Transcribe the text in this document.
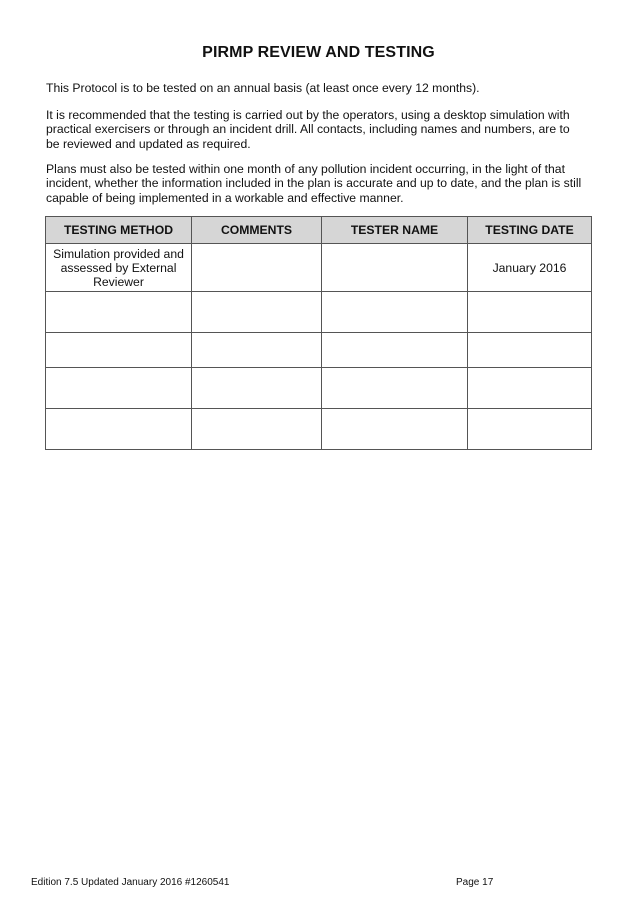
PIRMP REVIEW AND TESTING

This Protocol is to be tested on an annual basis (at least once every 12 months).

It is recommended that the testing is carried out by the operators, using a desktop simulation with practical exercisers or through an incident drill. All contacts, including names and numbers, are to be reviewed and updated as required.

Plans must also be tested within one month of any pollution incident occurring, in the light of that incident, whether the information included in the plan is accurate and up to date, and the plan is still capable of being implemented in a workable and effective manner.

TESTING METHOD	COMMENTS	TESTER NAME	TESTING DATE
Simulation provided and assessed by External Reviewer			January 2016

Edition 7.5 Updated January 2016 #1260541	Page 17
